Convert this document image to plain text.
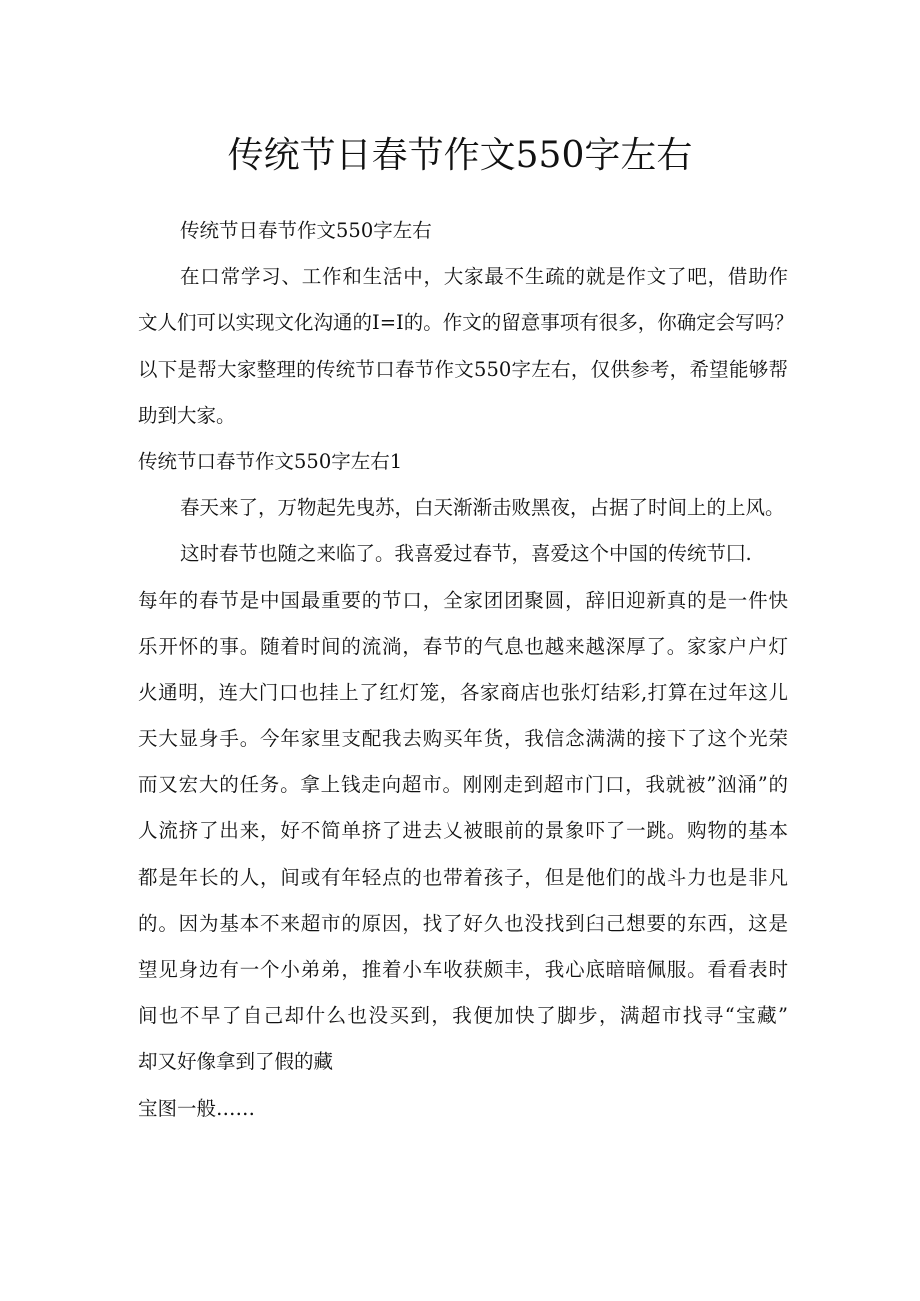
传统节日春节作文550字左右
传统节日春节作文550字左右
在口常学习、工作和生活中，大家最不生疏的就是作文了吧，借助作
文人们可以实现文化沟通的I=I的。作文的留意事项有很多，你确定会写吗？
以下是帮大家整理的传统节口春节作文550字左右，仅供参考，希望能够帮
助到大家。
传统节口春节作文550字左右1
春天来了，万物起先曳苏，白天渐渐击败黑夜，占据了时间上的上风。
这时春节也随之来临了。我喜爱过春节，喜爱这个中国的传统节囗.
每年的春节是中国最重要的节口，全家团团聚圆，辞旧迎新真的是一件快
乐开怀的事。随着时间的流淌，春节的气息也越来越深厚了。家家户户灯
火通明，连大门口也挂上了红灯笼，各家商店也张灯结彩,打算在过年这儿
天大显身手。今年家里支配我去购买年货，我信念满满的接下了这个光荣
而又宏大的任务。拿上钱走向超市。刚刚走到超市门口，我就被”汹涌”的
人流挤了出来，好不简单挤了进去乂被眼前的景象吓了一跳。购物的基本
都是年长的人，间或有年轻点的也带着孩子，但是他们的战斗力也是非凡
的。因为基本不来超市的原因，找了好久也没找到臼己想要的东西，这是
望见身边有一个小弟弟，推着小车收获颇丰，我心底暗暗佩服。看看表时
间也不早了自己却什么也没买到，我便加快了脚步，满超市找寻“宝藏”
却又好像拿到了假的藏
宝图一般……
